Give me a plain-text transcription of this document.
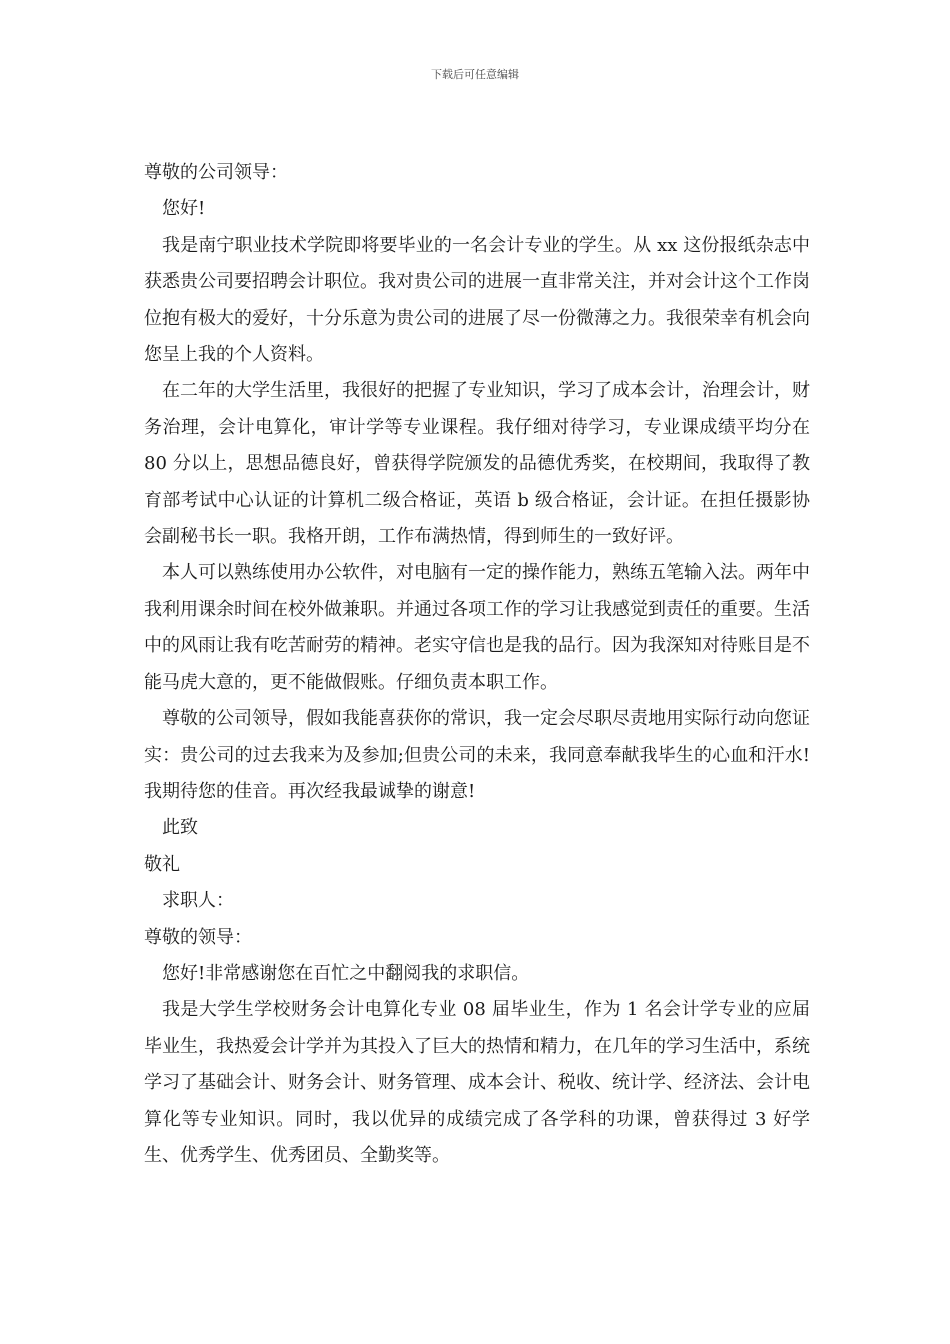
下载后可任意编辑

尊敬的公司领导：

您好!

我是南宁职业技术学院即将要毕业的一名会计专业的学生。从 xx 这份报纸杂志中获悉贵公司要招聘会计职位。我对贵公司的进展一直非常关注，并对会计这个工作岗位抱有极大的爱好，十分乐意为贵公司的进展了尽一份微薄之力。我很荣幸有机会向您呈上我的个人资料。

在二年的大学生活里，我很好的把握了专业知识，学习了成本会计，治理会计，财务治理，会计电算化，审计学等专业课程。我仔细对待学习，专业课成绩平均分在 80 分以上，思想品德良好，曾获得学院颁发的品德优秀奖，在校期间，我取得了教育部考试中心认证的计算机二级合格证，英语 b 级合格证，会计证。在担任摄影协会副秘书长一职。我格开朗，工作布满热情，得到师生的一致好评。

本人可以熟练使用办公软件，对电脑有一定的操作能力，熟练五笔输入法。两年中我利用课余时间在校外做兼职。并通过各项工作的学习让我感觉到责任的重要。生活中的风雨让我有吃苦耐劳的精神。老实守信也是我的品行。因为我深知对待账目是不能马虎大意的，更不能做假账。仔细负责本职工作。

尊敬的公司领导，假如我能喜获你的常识，我一定会尽职尽责地用实际行动向您证实：贵公司的过去我来为及参加;但贵公司的未来，我同意奉献我毕生的心血和汗水!我期待您的佳音。再次经我最诚挚的谢意!

此致

敬礼

求职人：

尊敬的领导：

您好!非常感谢您在百忙之中翻阅我的求职信。

我是大学生学校财务会计电算化专业 08 届毕业生，作为 1 名会计学专业的应届毕业生，我热爱会计学并为其投入了巨大的热情和精力，在几年的学习生活中，系统学习了基础会计、财务会计、财务管理、成本会计、税收、统计学、经济法、会计电算化等专业知识。同时，我以优异的成绩完成了各学科的功课，曾获得过 3 好学生、优秀学生、优秀团员、全勤奖等。
